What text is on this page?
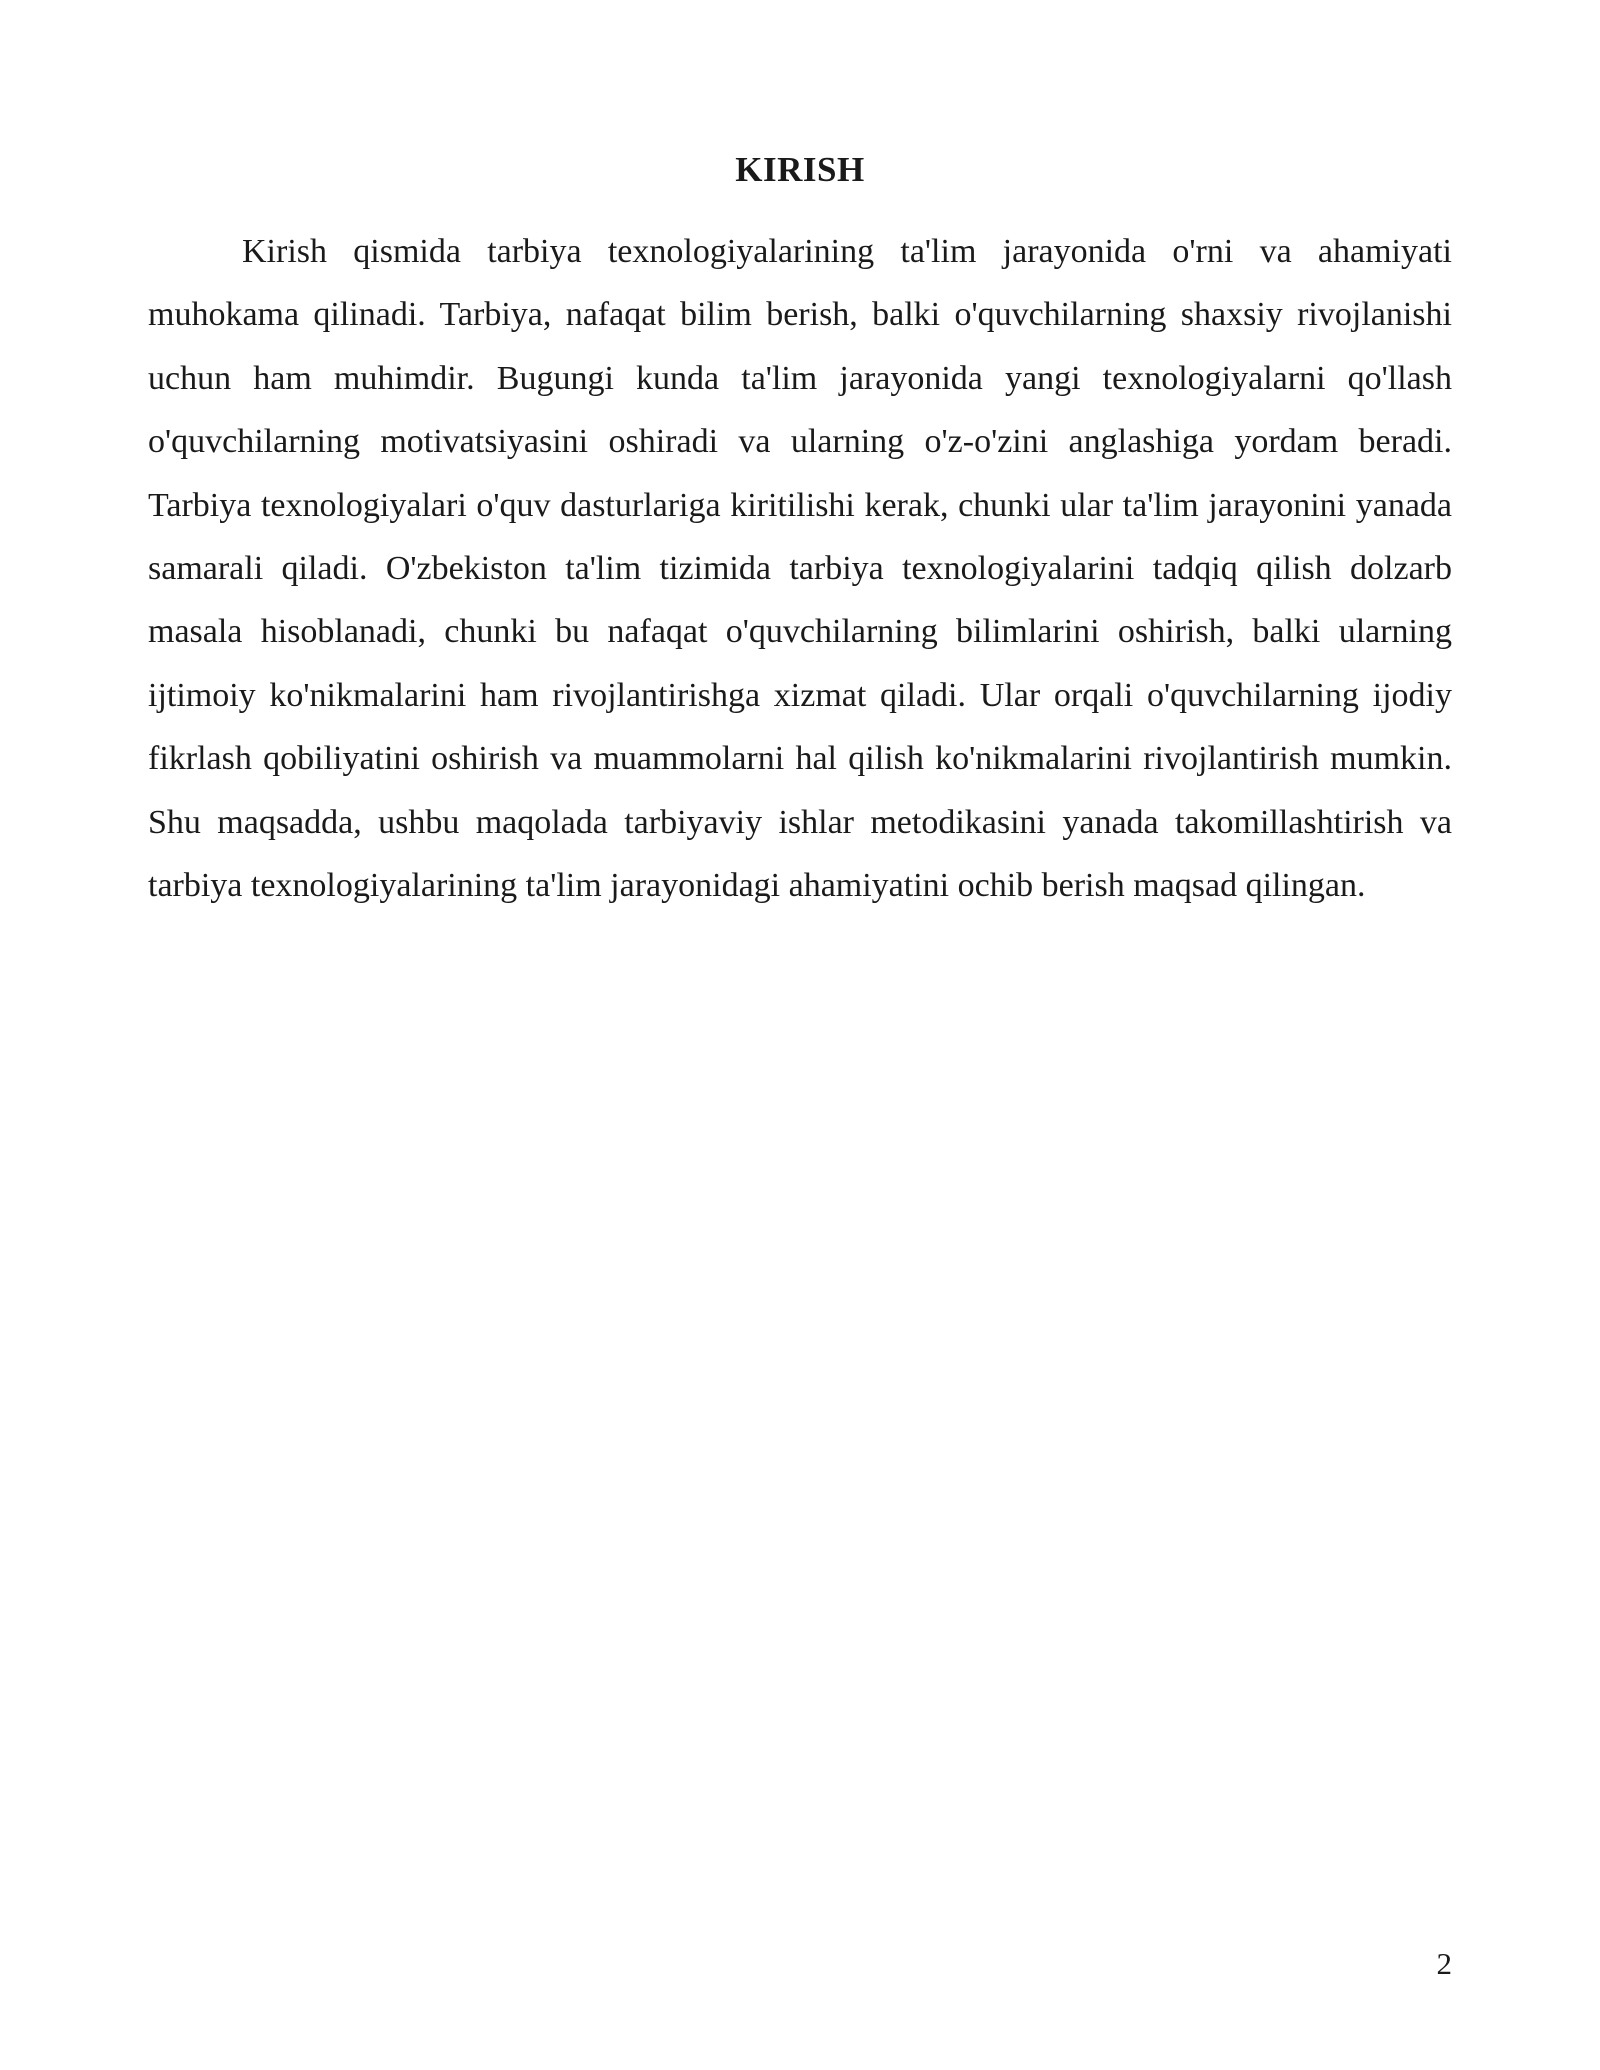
KIRISH

Kirish qismida tarbiya texnologiyalarining ta'lim jarayonida o'rni va ahamiyati muhokama qilinadi. Tarbiya, nafaqat bilim berish, balki o'quvchilarning shaxsiy rivojlanishi uchun ham muhimdir. Bugungi kunda ta'lim jarayonida yangi texnologiyalarni qo'llash o'quvchilarning motivatsiyasini oshiradi va ularning o'z-o'zini anglashiga yordam beradi. Tarbiya texnologiyalari o'quv dasturlariga kiritilishi kerak, chunki ular ta'lim jarayonini yanada samarali qiladi. O'zbekiston ta'lim tizimida tarbiya texnologiyalarini tadqiq qilish dolzarb masala hisoblanadi, chunki bu nafaqat o'quvchilarning bilimlarini oshirish, balki ularning ijtimoiy ko'nikmalarini ham rivojlantirishga xizmat qiladi. Ular orqali o'quvchilarning ijodiy fikrlash qobiliyatini oshirish va muammolarni hal qilish ko'nikmalarini rivojlantirish mumkin. Shu maqsadda, ushbu maqolada tarbiyaviy ishlar metodikasini yanada takomillashtirish va tarbiya texnologiyalarining ta'lim jarayonidagi ahamiyatini ochib berish maqsad qilingan.

2
